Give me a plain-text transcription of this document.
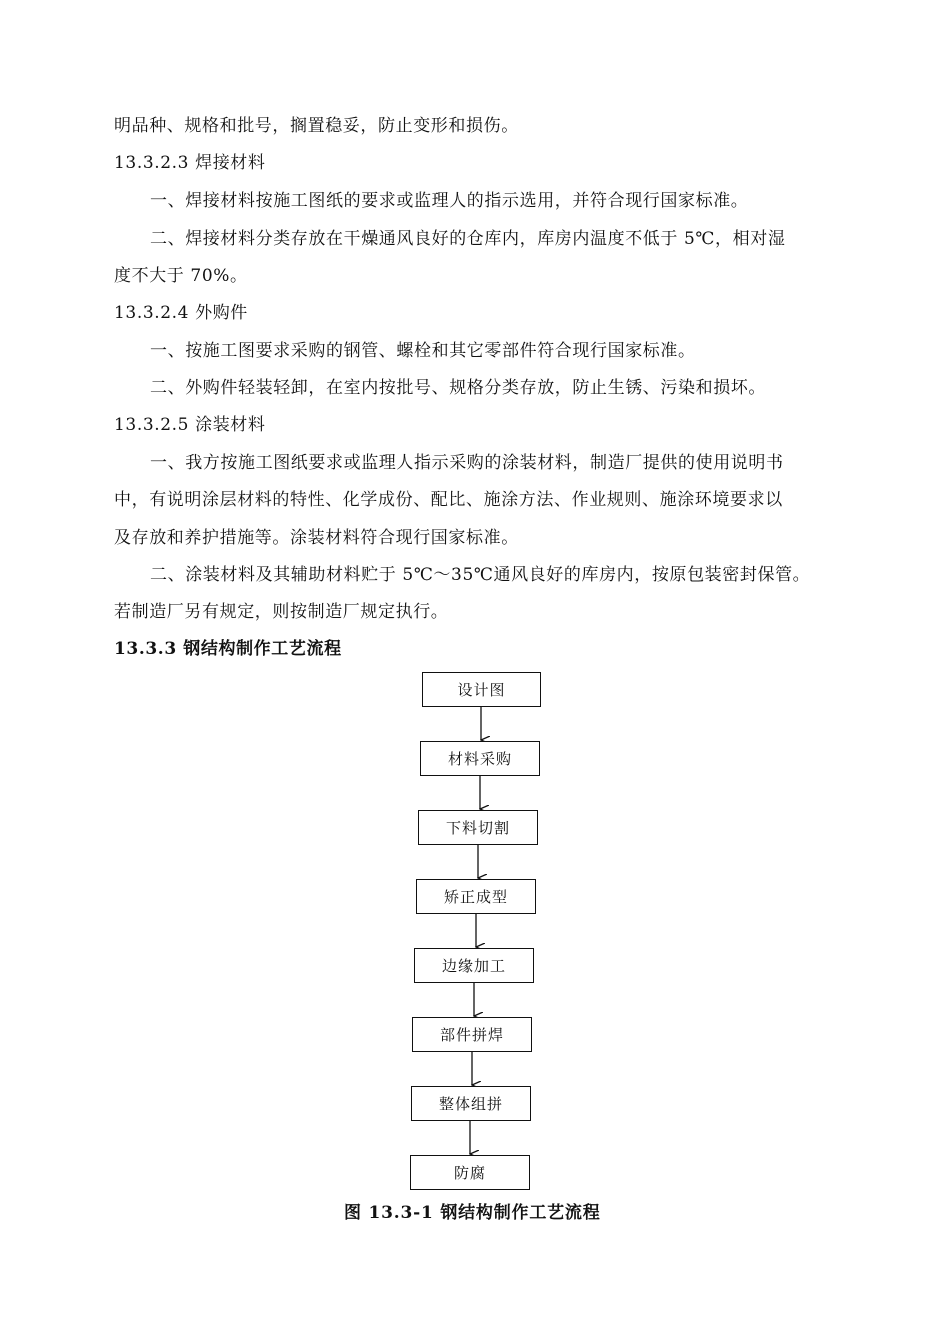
明品种、规格和批号，搁置稳妥，防止变形和损伤。
13.3.2.3 焊接材料
一、焊接材料按施工图纸的要求或监理人的指示选用，并符合现行国家标准。
二、焊接材料分类存放在干燥通风良好的仓库内，库房内温度不低于 5℃，相对湿
度不大于 70%。
13.3.2.4 外购件
一、按施工图要求采购的钢管、螺栓和其它零部件符合现行国家标准。
二、外购件轻装轻卸，在室内按批号、规格分类存放，防止生锈、污染和损坏。
13.3.2.5 涂装材料
一、我方按施工图纸要求或监理人指示采购的涂装材料，制造厂提供的使用说明书
中，有说明涂层材料的特性、化学成份、配比、施涂方法、作业规则、施涂环境要求以
及存放和养护措施等。涂装材料符合现行国家标准。
二、涂装材料及其辅助材料贮于 5℃～35℃通风良好的库房内，按原包装密封保管。
若制造厂另有规定，则按制造厂规定执行。
13.3.3 钢结构制作工艺流程
设计图
材料采购
下料切割
矫正成型
边缘加工
部件拼焊
整体组拼
防腐
图 13.3-1 钢结构制作工艺流程
